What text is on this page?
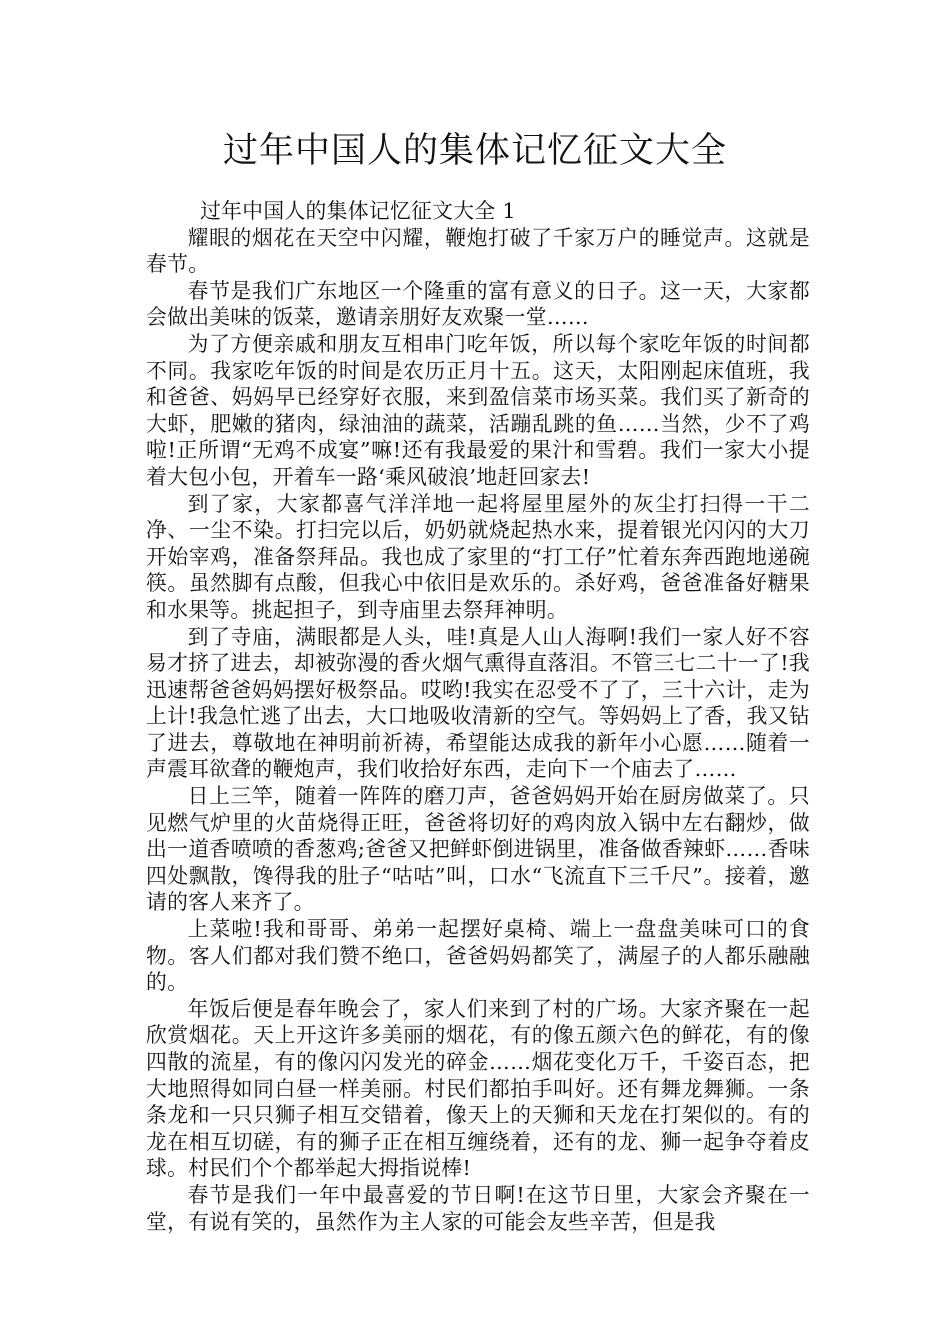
过年中国人的集体记忆征文大全

过年中国人的集体记忆征文大全 1

耀眼的烟花在天空中闪耀，鞭炮打破了千家万户的睡觉声。这就是春节。

春节是我们广东地区一个隆重的富有意义的日子。这一天，大家都会做出美味的饭菜，邀请亲朋好友欢聚一堂……

为了方便亲戚和朋友互相串门吃年饭，所以每个家吃年饭的时间都不同。我家吃年饭的时间是农历正月十五。这天，太阳刚起床值班，我和爸爸、妈妈早已经穿好衣服，来到盈信菜市场买菜。我们买了新奇的大虾，肥嫩的猪肉，绿油油的蔬菜，活蹦乱跳的鱼……当然，少不了鸡啦!正所谓“无鸡不成宴”嘛!还有我最爱的果汁和雪碧。我们一家大小提着大包小包，开着车一路‘乘风破浪’地赶回家去!

到了家，大家都喜气洋洋地一起将屋里屋外的灰尘打扫得一干二净、一尘不染。打扫完以后，奶奶就烧起热水来，提着银光闪闪的大刀开始宰鸡，准备祭拜品。我也成了家里的“打工仔”忙着东奔西跑地递碗筷。虽然脚有点酸，但我心中依旧是欢乐的。杀好鸡，爸爸准备好糖果和水果等。挑起担子，到寺庙里去祭拜神明。

到了寺庙，满眼都是人头，哇!真是人山人海啊!我们一家人好不容易才挤了进去，却被弥漫的香火烟气熏得直落泪。不管三七二十一了!我迅速帮爸爸妈妈摆好极祭品。哎哟!我实在忍受不了了，三十六计，走为上计!我急忙逃了出去，大口地吸收清新的空气。等妈妈上了香，我又钻了进去，尊敬地在神明前祈祷，希望能达成我的新年小心愿……随着一声震耳欲聋的鞭炮声，我们收拾好东西，走向下一个庙去了……

日上三竿，随着一阵阵的磨刀声，爸爸妈妈开始在厨房做菜了。只见燃气炉里的火苗烧得正旺，爸爸将切好的鸡肉放入锅中左右翻炒，做出一道香喷喷的香葱鸡;爸爸又把鲜虾倒进锅里，准备做香辣虾……香味四处飘散，馋得我的肚子“咕咕”叫，口水“飞流直下三千尺”。接着，邀请的客人来齐了。

上菜啦!我和哥哥、弟弟一起摆好桌椅、端上一盘盘美味可口的食物。客人们都对我们赞不绝口，爸爸妈妈都笑了，满屋子的人都乐融融的。

年饭后便是春年晚会了，家人们来到了村的广场。大家齐聚在一起欣赏烟花。天上开这许多美丽的烟花，有的像五颜六色的鲜花，有的像四散的流星，有的像闪闪发光的碎金……烟花变化万千，千姿百态，把大地照得如同白昼一样美丽。村民们都拍手叫好。还有舞龙舞狮。一条条龙和一只只狮子相互交错着，像天上的天狮和天龙在打架似的。有的龙在相互切磋，有的狮子正在相互缠绕着，还有的龙、狮一起争夺着皮球。村民们个个都举起大拇指说棒!

春节是我们一年中最喜爱的节日啊!在这节日里，大家会齐聚在一堂，有说有笑的，虽然作为主人家的可能会友些辛苦，但是我
